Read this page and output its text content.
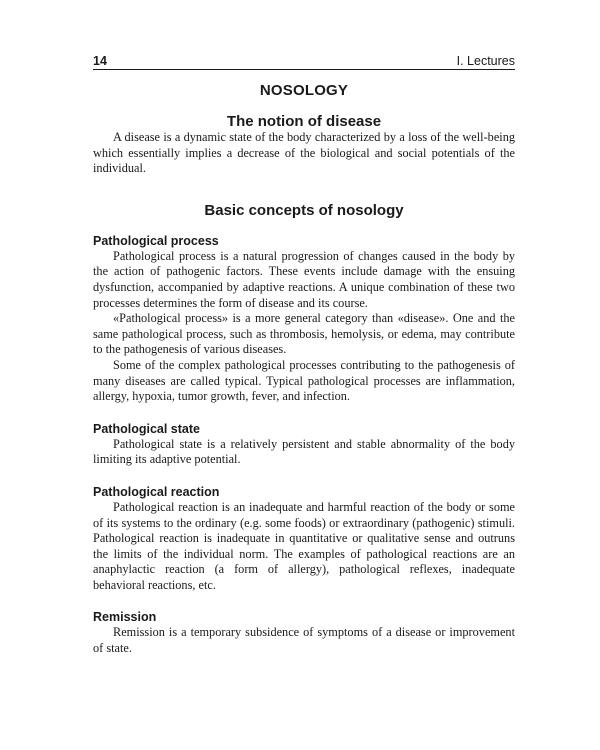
14	I. Lectures
NOSOLOGY
The notion of disease

A disease is a dynamic state of the body characterized by a loss of the well-being which essentially implies a decrease of the biological and social potentials of the individual.

Basic concepts of nosology
Pathological process

Pathological process is a natural progression of changes caused in the body by the action of pathogenic factors. These events include damage with the ensuing dysfunction, accompanied by adaptive reactions. A unique combination of these two processes determines the form of disease and its course.

«Pathological process» is a more general category than «disease». One and the same pathological process, such as thrombosis, hemolysis, or edema, may contribute to the pathogenesis of various diseases.

Some of the complex pathological processes contributing to the pathogenesis of many diseases are called typical. Typical pathological processes are inflammation, allergy, hypoxia, tumor growth, fever, and infection.

Pathological state

Pathological state is a relatively persistent and stable abnormality of the body limiting its adaptive potential.

Pathological reaction

Pathological reaction is an inadequate and harmful reaction of the body or some of its systems to the ordinary (e.g. some foods) or extraordinary (pathogenic) stimuli. Pathological reaction is inadequate in quantitative or qualitative sense and outruns the limits of the individual norm. The examples of pathological reactions are an anaphylactic reaction (a form of allergy), pathological reflexes, inadequate behavioral reactions, etc.

Remission

Remission is a temporary subsidence of symptoms of a disease or improvement of state.
